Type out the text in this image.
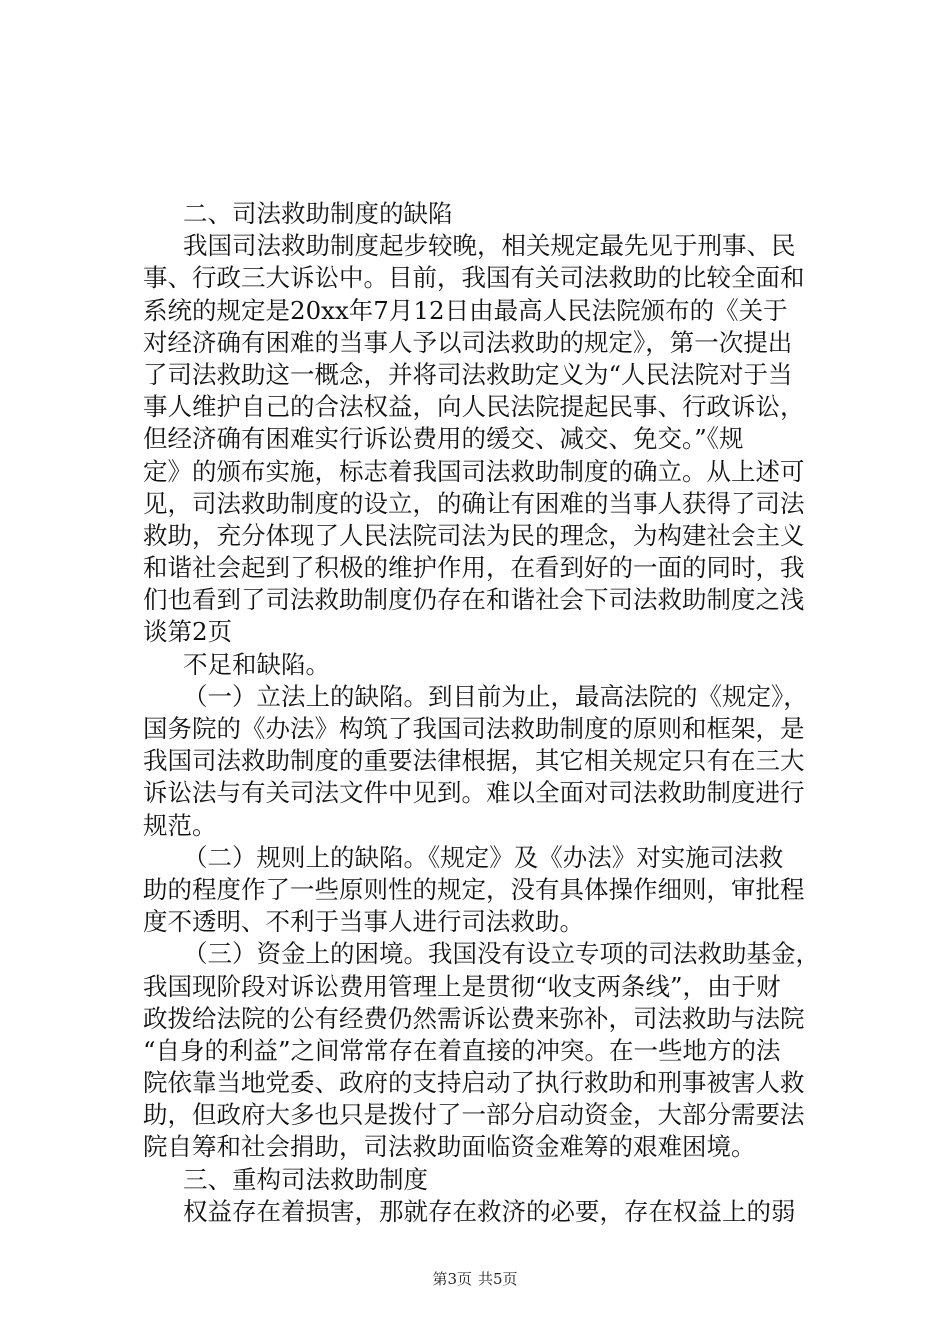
二、司法救助制度的缺陷
我国司法救助制度起步较晚，相关规定最先见于刑事、民
事、行政三大诉讼中。目前，我国有关司法救助的比较全面和
系统的规定是20xx年7月12日由最高人民法院颁布的《关于
对经济确有困难的当事人予以司法救助的规定》，第一次提出
了司法救助这一概念，并将司法救助定义为“人民法院对于当
事人维护自己的合法权益，向人民法院提起民事、行政诉讼，
但经济确有困难实行诉讼费用的缓交、减交、免交。”《规
定》的颁布实施，标志着我国司法救助制度的确立。从上述可
见，司法救助制度的设立，的确让有困难的当事人获得了司法
救助，充分体现了人民法院司法为民的理念，为构建社会主义
和谐社会起到了积极的维护作用，在看到好的一面的同时，我
们也看到了司法救助制度仍存在和谐社会下司法救助制度之浅
谈第2页
不足和缺陷。
（一）立法上的缺陷。到目前为止，最高法院的《规定》，
国务院的《办法》构筑了我国司法救助制度的原则和框架，是
我国司法救助制度的重要法律根据，其它相关规定只有在三大
诉讼法与有关司法文件中见到。难以全面对司法救助制度进行
规范。
（二）规则上的缺陷。《规定》及《办法》对实施司法救
助的程度作了一些原则性的规定，没有具体操作细则，审批程
度不透明、不利于当事人进行司法救助。
（三）资金上的困境。我国没有设立专项的司法救助基金，
我国现阶段对诉讼费用管理上是贯彻“收支两条线”，由于财
政拨给法院的公有经费仍然需诉讼费来弥补，司法救助与法院
“自身的利益”之间常常存在着直接的冲突。在一些地方的法
院依靠当地党委、政府的支持启动了执行救助和刑事被害人救
助，但政府大多也只是拨付了一部分启动资金，大部分需要法
院自筹和社会捐助，司法救助面临资金难筹的艰难困境。
三、重构司法救助制度
权益存在着损害，那就存在救济的必要，存在权益上的弱
第3页 共5页
